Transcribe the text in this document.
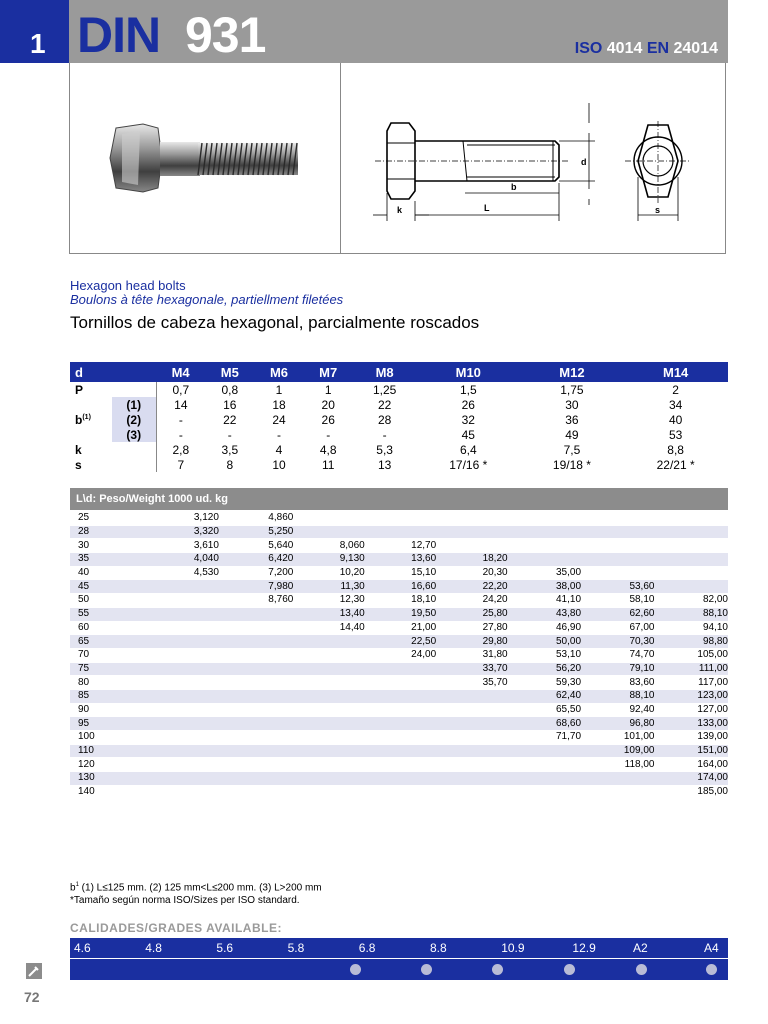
1 DIN 931	ISO 4014 EN 24014
k	L
b
d
s
Hexagon head bolts
Boulons à tête hexagonale, partiellment filetées
Tornillos de cabeza hexagonal, parcialmente roscados
d		M4	M5	M6	M7	M8	M10	M12	M14
P		0,7	0,8	1	1	1,25	1,5	1,75	2
$b^{(1)}$	(1)	14	16	18	20	22	26	30	34
	(2)	-	22	24	26	28	32	36	40
	(3)	-	-	-	-	-	45	49	53
k		2,8	3,5	4	4,8	5,3	6,4	7,5	8,8
s		7	8	10	11	13	17/16 *	19/18 *	22/21 *
L\d: Peso/Weight 1000 ud. kg
25	3,120	4,860						
28	3,320	5,250						
30	3,610	5,640	8,060	12,70				
35	4,040	6,420	9,130	13,60	18,20			
40	4,530	7,200	10,20	15,10	20,30	35,00		
45		7,980	11,30	16,60	22,20	38,00	53,60	
50		8,760	12,30	18,10	24,20	41,10	58,10	82,00
55			13,40	19,50	25,80	43,80	62,60	88,10
60			14,40	21,00	27,80	46,90	67,00	94,10
65				22,50	29,80	50,00	70,30	98,80
70				24,00	31,80	53,10	74,70	105,00
75					33,70	56,20	79,10	111,00
80					35,70	59,30	83,60	117,00
85						62,40	88,10	123,00
90						65,50	92,40	127,00
95						68,60	96,80	133,00
100						71,70	101,00	139,00
110							109,00	151,00
120							118,00	164,00
130								174,00
140								185,00
$b^1$ (1) L≤125 mm. (2) 125 mm<L≤200 mm. (3) L>200 mm
*Tamaño según norma ISO/Sizes per ISO standard.
CALIDADES/GRADES AVAILABLE:
4.6	4.8	5.6	5.8	6.8	8.8	10.9	12.9	A2	A4
72
